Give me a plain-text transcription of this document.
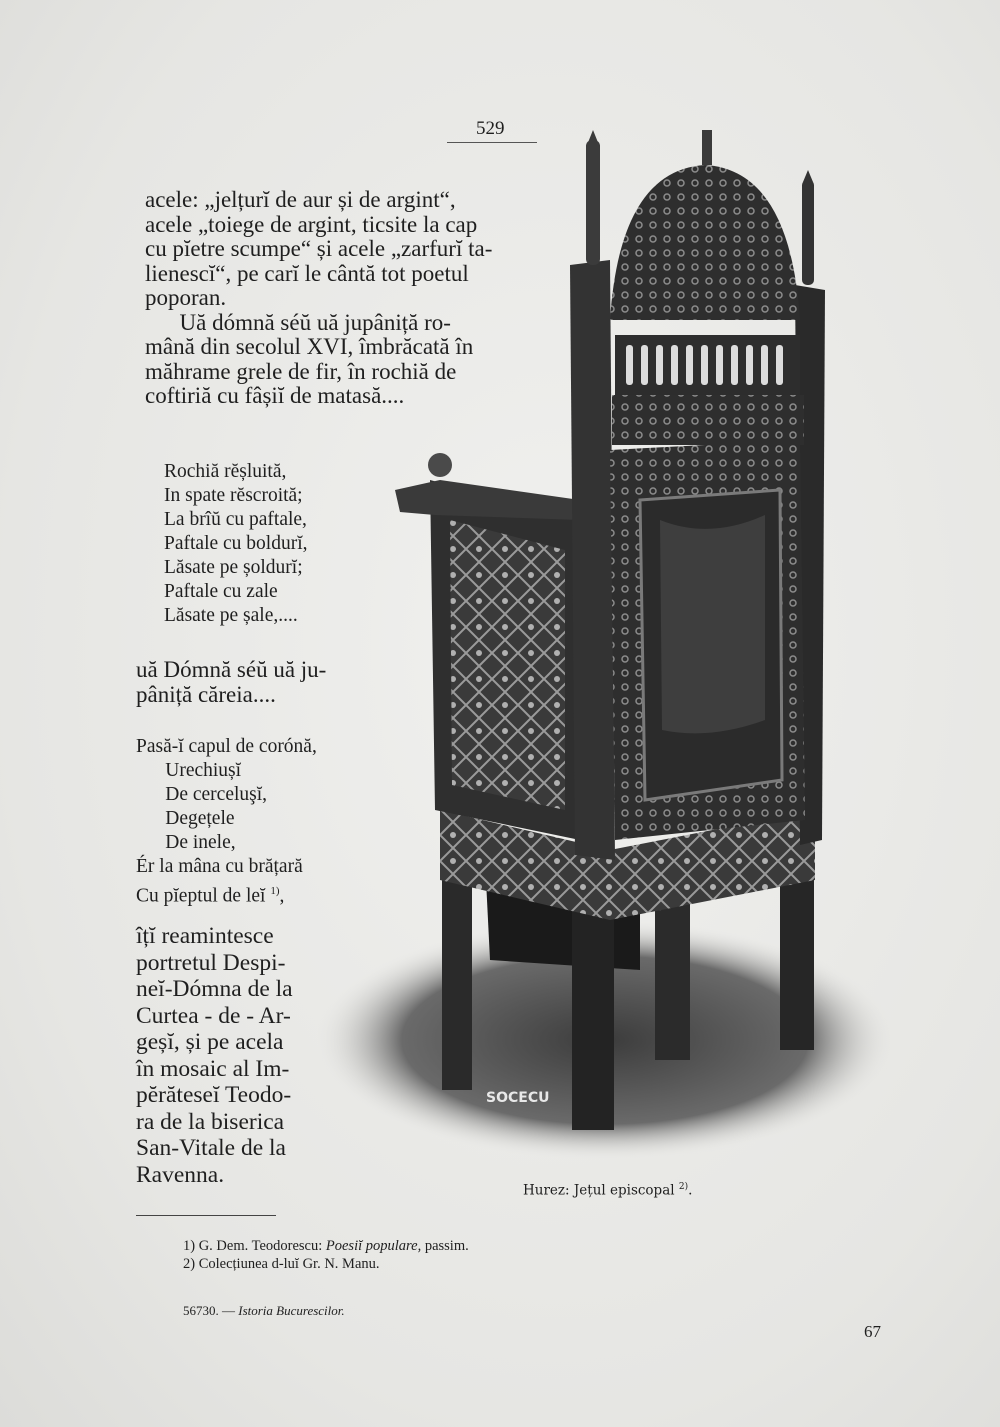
529
SOCECU
acele: „jelțurĭ de aur și de argint“,
acele „toiege de argint, ticsite la cap
cu pĭetre scumpe“ și acele „zarfurĭ ta-
lienescĭ“, pe carĭ le cântă tot poetul
poporan.
Uă dómnă séŭ uă jupâniță ro-
mână din secolul XVI, îmbrăcată în
măhrame grele de fir, în rochiă de
coftiriă cu fâșiĭ de matasă....
Rochiă rĕșluită,
In spate rĕscroită;
La brîŭ cu paftale,
Paftale cu boldurĭ,
Lăsate pe șoldurĭ;
Paftale cu zale
Lăsate pe șale,....
uă Dómnă séŭ uă ju-
pâniță căreia....
Pasă-ĭ capul de corónă,
Urechiușĭ
De cerceluşĭ,
Degețele
De inele,
Ér la mâna cu brățară
Cu pĭeptul de leĭ $^{1)}$,
îțĭ reamintesce
portretul Despi-
neĭ-Dómna de la
Curtea - de - Ar-
geșĭ, și pe acela
în mosaic al Im-
pĕrăteseĭ Teodo-
ra de la biserica
San-Vitale de la
Ravenna.
Hurez: Jețul episcopal $^{2)}$.
1) G. Dem. Teodorescu: Poesiĭ populare, passim.
2) Colecțiunea d-luĭ Gr. N. Manu.
56730. — Istoria Bucurescilor.
67
